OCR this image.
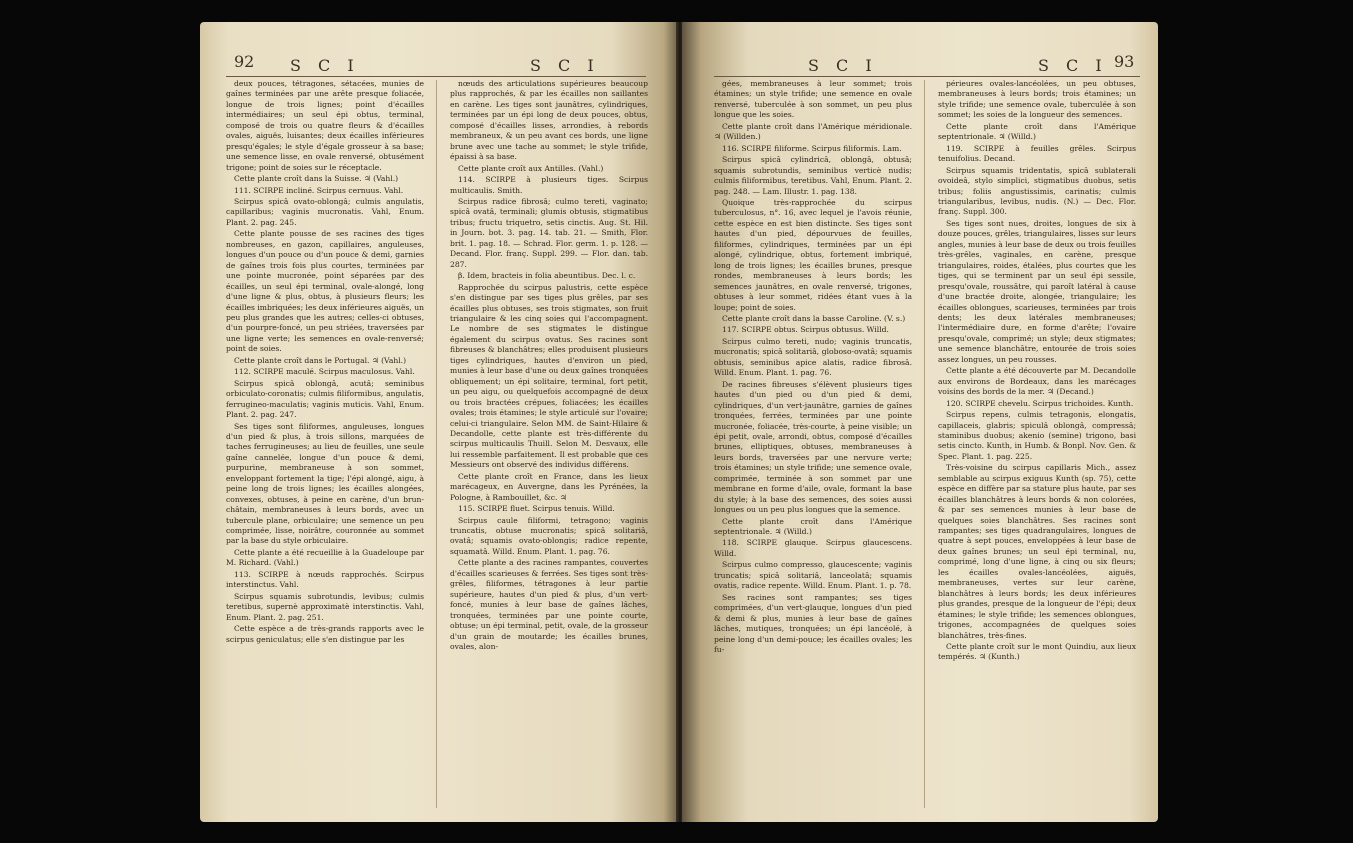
92 S C I	S C I

deux pouces, tétragones, sétacées, munies de gaînes terminées par une arête presque foliacée, longue de trois lignes; point d'écailles intermédiaires; un seul épi obtus, terminal, composé de trois ou quatre fleurs & d'écailles ovales, aiguës, luisantes; deux écailles inférieures presqu'égales; le style d'égale grosseur à sa base; une semence lisse, en ovale renversé, obtusément trigone; point de soies sur le réceptacle.

Cette plante croît dans la Suisse. ♃ (Vahl.)

111. SCIRPE incliné. Scirpus cernuus. Vahl.

Scirpus spicâ ovato-oblongâ; culmis angulatis, capillaribus; vaginis mucronatis. Vahl, Enum. Plant. 2. pag. 245.

Cette plante pousse de ses racines des tiges nombreuses, en gazon, capillaires, anguleuses, longues d'un pouce ou d'un pouce & demi, garnies de gaînes trois fois plus courtes, terminées par une pointe mucronée, point séparées par des écailles, un seul épi terminal, ovale-alongé, long d'une ligne & plus, obtus, à plusieurs fleurs; les écailles imbriquées; les deux inférieures aiguës, un peu plus grandes que les autres; celles-ci obtuses, d'un pourpre-foncé, un peu striées, traversées par une ligne verte; les semences en ovale-renversé; point de soies.

Cette plante croît dans le Portugal. ♃ (Vahl.)

112. SCIRPE maculé. Scirpus maculosus. Vahl.

Scirpus spicâ oblongâ, acutâ; seminibus orbiculato-coronatis; culmis filiformibus, angulatis, ferrugineo-maculatis; vaginis muticis. Vahl, Enum. Plant. 2. pag. 247.

Ses tiges sont filiformes, anguleuses, longues d'un pied & plus, à trois sillons, marquées de taches ferrugineuses; au lieu de feuilles, une seule gaîne cannelée, longue d'un pouce & demi, purpurine, membraneuse à son sommet, enveloppant fortement la tige; l'épi alongé, aigu, à peine long de trois lignes; les écailles alongées, convexes, obtuses, à peine en carène, d'un brun-châtain, membraneuses à leurs bords, avec un tubercule plane, orbiculaire; une semence un peu comprimée, lisse, noirâtre, couronnée au sommet par la base du style orbiculaire.

Cette plante a été recueillie à la Guadeloupe par M. Richard. (Vahl.)

113. SCIRPE à nœuds rapprochés. Scirpus interstinctus. Vahl.

Scirpus squamis subrotundis, levibus; culmis teretibus, supernè approximatè interstinctis. Vahl, Enum. Plant. 2. pag. 251.

Cette espèce a de très-grands rapports avec le scirpus geniculatus; elle s'en distingue par les

nœuds des articulations supérieures beaucoup plus rapprochés, & par les écailles non saillantes en carène. Les tiges sont jaunâtres, cylindriques, terminées par un épi long de deux pouces, obtus, composé d'écailles lisses, arrondies, à rebords membraneux, & un peu avant ces bords, une ligne brune avec une tache au sommet; le style trifide, épaissi à sa base.

Cette plante croît aux Antilles. (Vahl.)

114. SCIRPE à plusieurs tiges. Scirpus multicaulis. Smith.

Scirpus radice fibrosâ; culmo tereti, vaginato; spicâ ovatâ, terminali; glumis obtusis, stigmatibus tribus; fructu triquetro, setis cinctis. Aug. St. Hil. in Journ. bot. 3. pag. 14. tab. 21. — Smith, Flor. brit. 1. pag. 18. — Schrad. Flor. germ. 1. p. 128. — Decand. Flor. franç. Suppl. 299. — Flor. dan. tab. 287.

β. Idem, bracteis in folia abeuntibus. Dec. l. c.

Rapprochée du scirpus palustris, cette espèce s'en distingue par ses tiges plus grêles, par ses écailles plus obtuses, ses trois stigmates, son fruit triangulaire & les cinq soies qui l'accompagnent. Le nombre de ses stigmates le distingue également du scirpus ovatus. Ses racines sont fibreuses & blanchâtres; elles produisent plusieurs tiges cylindriques, hautes d'environ un pied, munies à leur base d'une ou deux gaînes tronquées obliquement; un épi solitaire, terminal, fort petit, un peu aigu, ou quelquefois accompagné de deux ou trois bractées crépues, foliacées; les écailles ovales; trois étamines; le style articulé sur l'ovaire; celui-ci triangulaire. Selon MM. de Saint-Hilaire & Decandolle, cette plante est très-différente du scirpus multicaulis Thuill. Selon M. Desvaux, elle lui ressemble parfaitement. Il est probable que ces Messieurs ont observé des individus différens.

Cette plante croît en France, dans les lieux marécageux, en Auvergne, dans les Pyrénées, la Pologne, à Rambouillet, &c. ♃

115. SCIRPE fluet. Scirpus tenuis. Willd.

Scirpus caule filiformi, tetragono; vaginis truncatis, obtuse mucronatis; spicâ solitariâ, ovatâ; squamis ovato-oblongis; radice repente, squamatâ. Willd. Enum. Plant. 1. pag. 76.

Cette plante a des racines rampantes, couvertes d'écailles scarieuses & ferrées. Ses tiges sont très-grêles, filiformes, tétragones à leur partie supérieure, hautes d'un pied & plus, d'un vert-foncé, munies à leur base de gaînes lâches, tronquées, terminées par une pointe courte, obtuse; un épi terminal, petit, ovale, de la grosseur d'un grain de moutarde; les écailles brunes, ovales, alon-

S C I	S C I 93

gées, membraneuses à leur sommet; trois étamines; un style trifide; une semence en ovale renversé, tuberculée à son sommet, un peu plus longue que les soies.

Cette plante croît dans l'Amérique méridionale. ♃ (Willden.)

116. SCIRPE filiforme. Scirpus filiformis. Lam.

Scirpus spicâ cylindricâ, oblongâ, obtusâ; squamis subrotundis, seminibus verticè nudis; culmis filiformibus, teretibus. Vahl, Enum. Plant. 2. pag. 248. — Lam. Illustr. 1. pag. 138.

Quoique très-rapprochée du scirpus tuberculosus, n°. 16, avec lequel je l'avois réunie, cette espèce en est bien distincte. Ses tiges sont hautes d'un pied, dépourvues de feuilles, filiformes, cylindriques, terminées par un épi alongé, cylindrique, obtus, fortement imbriqué, long de trois lignes; les écailles brunes, presque rondes, membraneuses à leurs bords; les semences jaunâtres, en ovale renversé, trigones, obtuses à leur sommet, ridées étant vues à la loupe; point de soies.

Cette plante croît dans la basse Caroline. (V. s.)

117. SCIRPE obtus. Scirpus obtusus. Willd.

Scirpus culmo tereti, nudo; vaginis truncatis, mucronatis; spicâ solitariâ, globoso-ovatâ; squamis obtusis, seminibus apice alatis, radice fibrosâ. Willd. Enum. Plant. 1. pag. 76.

De racines fibreuses s'élèvent plusieurs tiges hautes d'un pied ou d'un pied & demi, cylindriques, d'un vert-jaunâtre, garnies de gaînes tronquées, ferrées, terminées par une pointe mucronée, foliacée, très-courte, à peine visible; un épi petit, ovale, arrondi, obtus, composé d'écailles brunes, elliptiques, obtuses, membraneuses à leurs bords, traversées par une nervure verte; trois étamines; un style trifide; une semence ovale, comprimée, terminée à son sommet par une membrane en forme d'aile, ovale, formant la base du style; à la base des semences, des soies aussi longues ou un peu plus longues que la semence.

Cette plante croît dans l'Amérique septentrionale. ♃ (Willd.)

118. SCIRPE glauque. Scirpus glaucescens. Willd.

Scirpus culmo compresso, glaucescente; vaginis truncatis; spicâ solitariâ, lanceolatâ; squamis ovatis, radice repente. Willd. Enum. Plant. 1. p. 78.

Ses racines sont rampantes; ses tiges comprimées, d'un vert-glauque, longues d'un pied & demi & plus, munies à leur base de gaînes lâches, mutiques, tronquées; un épi lancéolé, à peine long d'un demi-pouce; les écailles ovales; les fu-

périeures ovales-lancéolées, un peu obtuses, membraneuses à leurs bords; trois étamines; un style trifide; une semence ovale, tuberculée à son sommet; les soies de la longueur des semences.

Cette plante croît dans l'Amérique septentrionale. ♃ (Willd.)

119. SCIRPE à feuilles grêles. Scirpus tenuifolius. Decand.

Scirpus squamis tridentatis, spicâ sublaterali ovoideâ, stylo simplici, stigmatibus duobus, setis tribus; foliis angustissimis, carinatis; culmis triangularibus, levibus, nudis. (N.) — Dec. Flor. franç. Suppl. 300.

Ses tiges sont nues, droites, longues de six à douze pouces, grêles, triangulaires, lisses sur leurs angles, munies à leur base de deux ou trois feuilles très-grêles, vaginales, en carène, presque triangulaires, roides, étalées, plus courtes que les tiges, qui se terminent par un seul épi sessile, presqu'ovale, roussâtre, qui paroît latéral à cause d'une bractée droite, alongée, triangulaire; les écailles oblongues, scarieuses, terminées par trois dents; les deux latérales membraneuses; l'intermédiaire dure, en forme d'arête; l'ovaire presqu'ovale, comprimé; un style; deux stigmates; une semence blanchâtre, entourée de trois soies assez longues, un peu rousses.

Cette plante a été découverte par M. Decandolle aux environs de Bordeaux, dans les marécages voisins des bords de la mer. ♃ (Decand.)

120. SCIRPE chevelu. Scirpus trichoides. Kunth.

Scirpus repens, culmis tetragonis, elongatis, capillaceis, glabris; spiculâ oblongâ, compressâ; staminibus duobus; akenio (semine) trigono, basi setis cincto. Kunth, in Humb. & Bonpl. Nov. Gen. & Spec. Plant. 1. pag. 225.

Très-voisine du scirpus capillaris Mich., assez semblable au scirpus exiguus Kunth (sp. 75), cette espèce en diffère par sa stature plus haute, par ses écailles blanchâtres à leurs bords & non colorées, & par ses semences munies à leur base de quelques soies blanchâtres. Ses racines sont rampantes; ses tiges quadrangulaires, longues de quatre à sept pouces, enveloppées à leur base de deux gaînes brunes; un seul épi terminal, nu, comprimé, long d'une ligne, à cinq ou six fleurs; les écailles ovales-lancéolées, aiguës, membraneuses, vertes sur leur carène, blanchâtres à leurs bords; les deux inférieures plus grandes, presque de la longueur de l'épi; deux étamines; le style trifide; les semences oblongues, trigones, accompagnées de quelques soies blanchâtres, très-fines.

Cette plante croît sur le mont Quindiu, aux lieux tempérés. ♃ (Kunth.)
